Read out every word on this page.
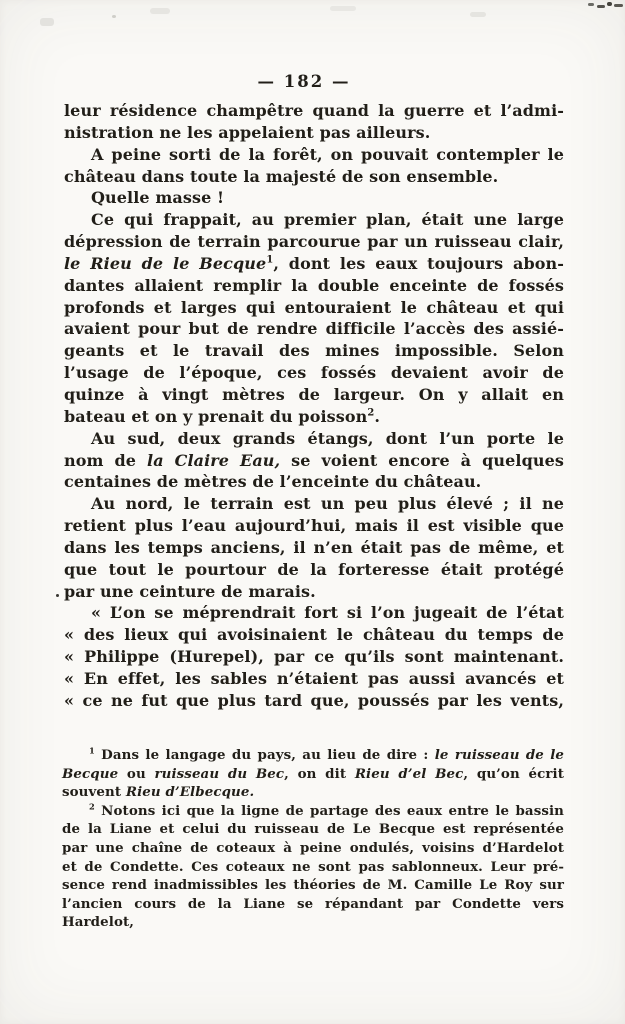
— 182 —
leur résidence champêtre quand la guerre et l’admi-
nistration ne les appelaient pas ailleurs.
A peine sorti de la forêt, on pouvait contempler le
château dans toute la majesté de son ensemble.
Quelle masse !
Ce qui frappait, au premier plan, était une large
dépression de terrain parcourue par un ruisseau clair,
le Rieu de le Becque$^1$, dont les eaux toujours abon-
dantes allaient remplir la double enceinte de fossés
profonds et larges qui entouraient le château et qui
avaient pour but de rendre difficile l’accès des assié-
geants et le travail des mines impossible. Selon
l’usage de l’époque, ces fossés devaient avoir de
quinze à vingt mètres de largeur. On y allait en
bateau et on y prenait du poisson$^2$.
Au sud, deux grands étangs, dont l’un porte le
nom de la Claire Eau, se voient encore à quelques
centaines de mètres de l’enceinte du château.
Au nord, le terrain est un peu plus élevé ; il ne
retient plus l’eau aujourd’hui, mais il est visible que
dans les temps anciens, il n’en était pas de même, et
que tout le pourtour de la forteresse était protégé
par une ceinture de marais.
« L’on se méprendrait fort si l’on jugeait de l’état
« des lieux qui avoisinaient le château du temps de
« Philippe (Hurepel), par ce qu’ils sont maintenant.
« En effet, les sables n’étaient pas aussi avancés et
« ce ne fut que plus tard que, poussés par les vents,
$^1$ Dans le langage du pays, au lieu de dire : le ruisseau de le
Becque ou ruisseau du Bec, on dit Rieu d’el Bec, qu’on écrit
souvent Rieu d’Elbecque.
$^2$ Notons ici que la ligne de partage des eaux entre le bassin
de la Liane et celui du ruisseau de Le Becque est représentée
par une chaîne de coteaux à peine ondulés, voisins d’Hardelot
et de Condette. Ces coteaux ne sont pas sablonneux. Leur pré-
sence rend inadmissibles les théories de M. Camille Le Roy sur
l’ancien cours de la Liane se répandant par Condette vers
Hardelot,
